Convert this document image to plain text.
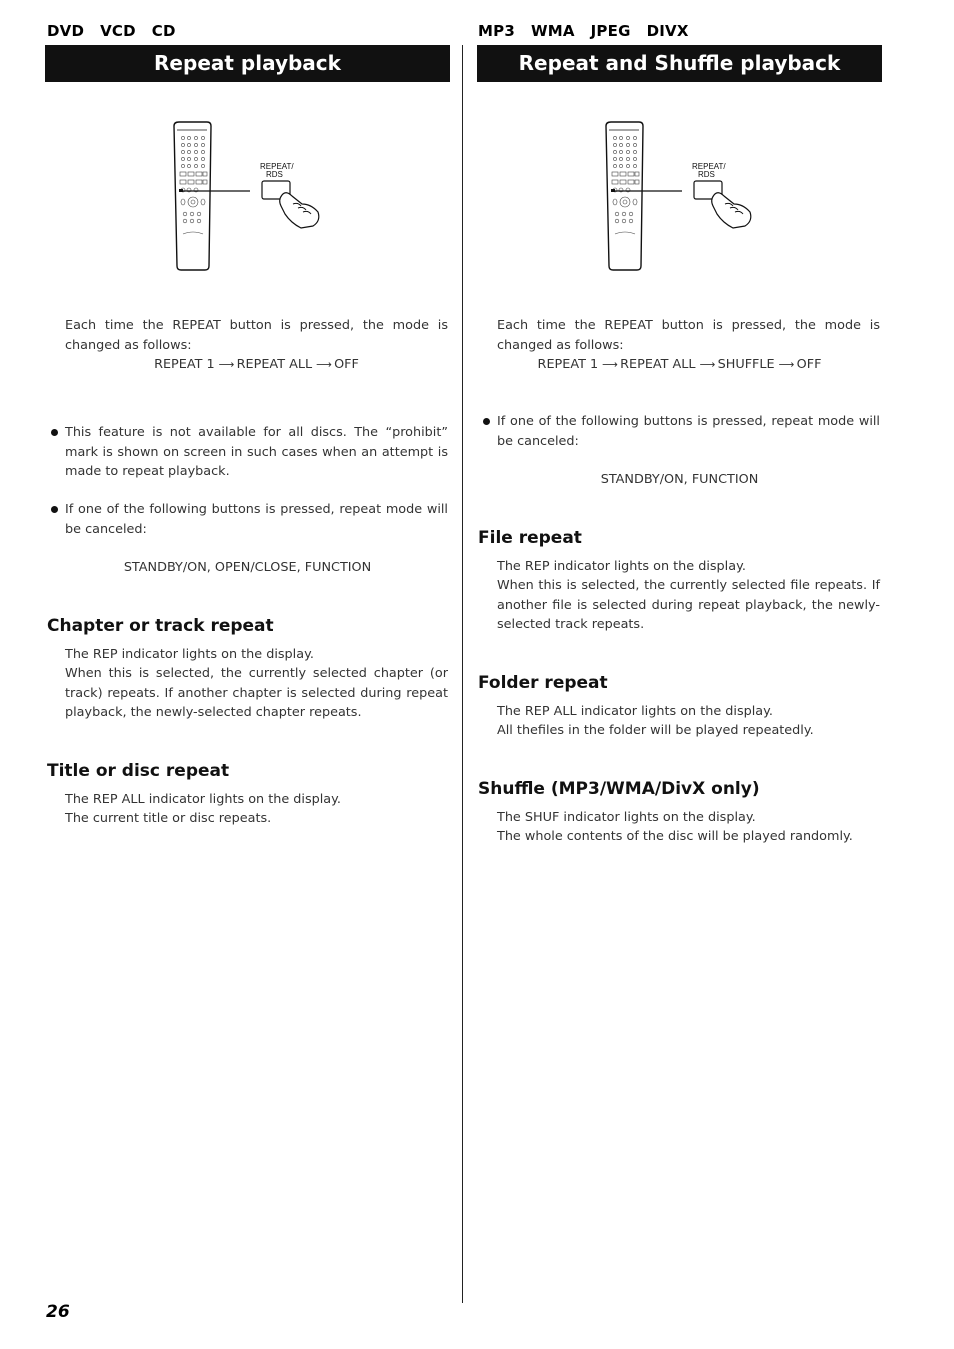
DVD VCD CD
Repeat playback
REPEAT/
RDS
Each time the REPEAT button is pressed, the mode is changed as follows:
REPEAT 1 ⟶ REPEAT ALL ⟶ OFF
This feature is not available for all discs. The “prohibit” mark is shown on screen in such cases when an attempt is made to repeat playback.
If one of the following buttons is pressed, repeat mode will be canceled:
STANDBY/ON, OPEN/CLOSE, FUNCTION
Chapter or track repeat
The REP indicator lights on the display.
When this is selected, the currently selected chapter (or track) repeats. If another chapter is selected during repeat playback, the newly-selected chapter repeats.
Title or disc repeat
The REP ALL indicator lights on the display.
The current title or disc repeats.
MP3 WMA JPEG DIVX
Repeat and Shuffle playback
REPEAT/
RDS
Each time the REPEAT button is pressed, the mode is changed as follows:
REPEAT 1 ⟶ REPEAT ALL ⟶ SHUFFLE ⟶ OFF
If one of the following buttons is pressed, repeat mode will be canceled:
STANDBY/ON, FUNCTION
File repeat
The REP indicator lights on the display.
When this is selected, the currently selected file repeats. If another file is selected during repeat playback, the newly-selected track repeats.
Folder repeat
The REP ALL indicator lights on the display.
All thefiles in the folder will be played repeatedly.
Shuffle (MP3/WMA/DivX only)
The SHUF indicator lights on the display.
The whole contents of the disc will be played randomly.
26
